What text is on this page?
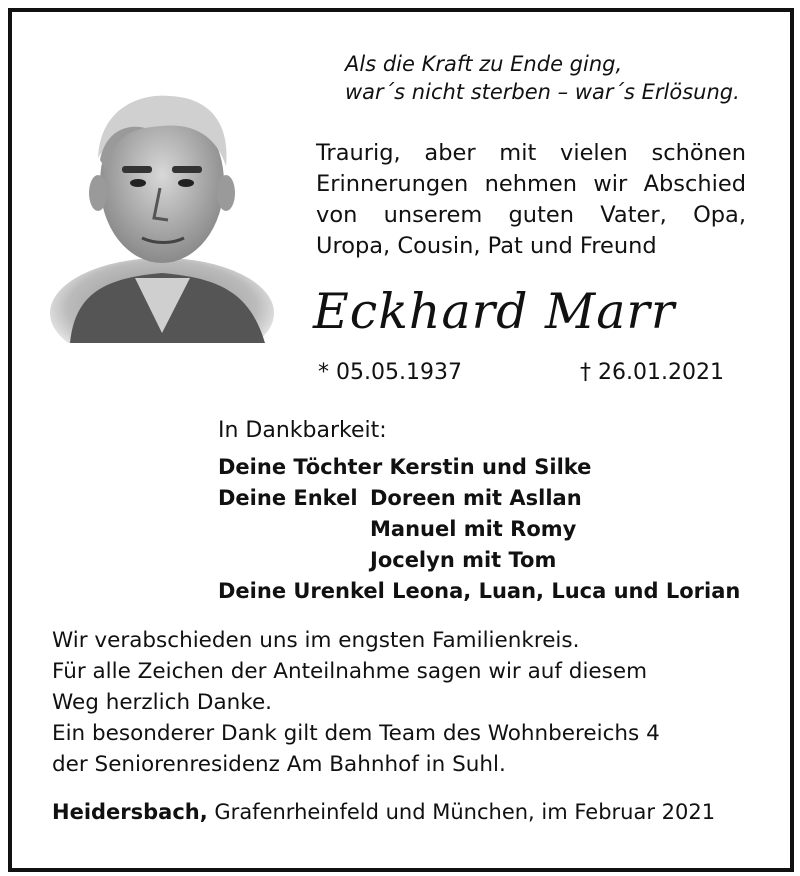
Als die Kraft zu Ende ging,
war´s nicht sterben – war´s Erlösung.
Traurig, aber mit vielen schönen
Erinnerungen nehmen wir Abschied
von unserem guten Vater, Opa,
Uropa, Cousin, Pat und Freund
Eckhard Marr
* 05.05.1937	† 26.01.2021
In Dankbarkeit:
Deine Töchter Kerstin und Silke
Deine Enkel Doreen mit Asllan
Manuel mit Romy
Jocelyn mit Tom
Deine Urenkel Leona, Luan, Luca und Lorian
Wir verabschieden uns im engsten Familienkreis.
Für alle Zeichen der Anteilnahme sagen wir auf diesem
Weg herzlich Danke.
Ein besonderer Dank gilt dem Team des Wohnbereichs 4
der Seniorenresidenz Am Bahnhof in Suhl.
Heidersbach, Grafenrheinfeld und München, im Februar 2021
